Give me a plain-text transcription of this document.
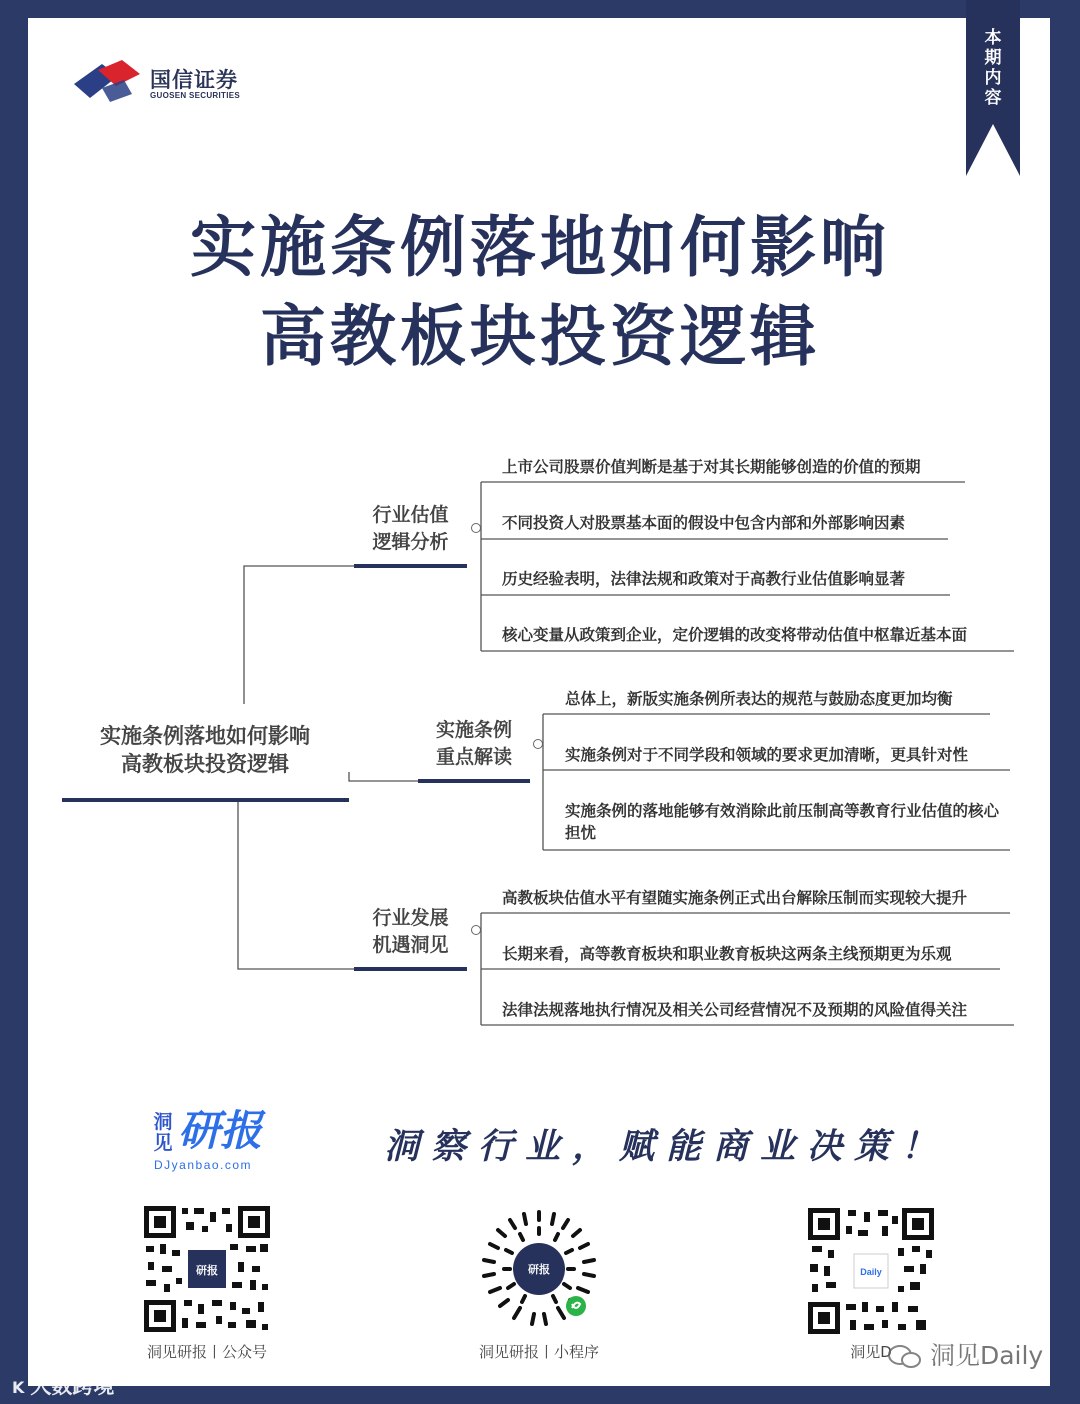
国信证券
GUOSEN SECURITIES
本期内容
实施条例落地如何影响
高教板块投资逻辑
实施条例落地如何影响
高教板块投资逻辑
行业估值
逻辑分析
实施条例
重点解读
行业发展
机遇洞见
上市公司股票价值判断是基于对其长期能够创造的价值的预期
不同投资人对股票基本面的假设中包含内部和外部影响因素
历史经验表明，法律法规和政策对于高教行业估值影响显著
核心变量从政策到企业，定价逻辑的改变将带动估值中枢靠近基本面
总体上，新版实施条例所表达的规范与鼓励态度更加均衡
实施条例对于不同学段和领域的要求更加清晰，更具针对性
实施条例的落地能够有效消除此前压制高等教育行业估值的核心担忧
高教板块估值水平有望随实施条例正式出台解除压制而实现较大提升
长期来看，高等教育板块和职业教育板块这两条主线预期更为乐观
法律法规落地执行情况及相关公司经营情况不及预期的风险值得关注
洞见 研报
DJyanbao.com	洞察行业，赋能商业决策！
研报
洞见研报丨公众号
研报
洞见研报丨小程序
Daily
洞见D
K 大数跨境
洞见Daily
